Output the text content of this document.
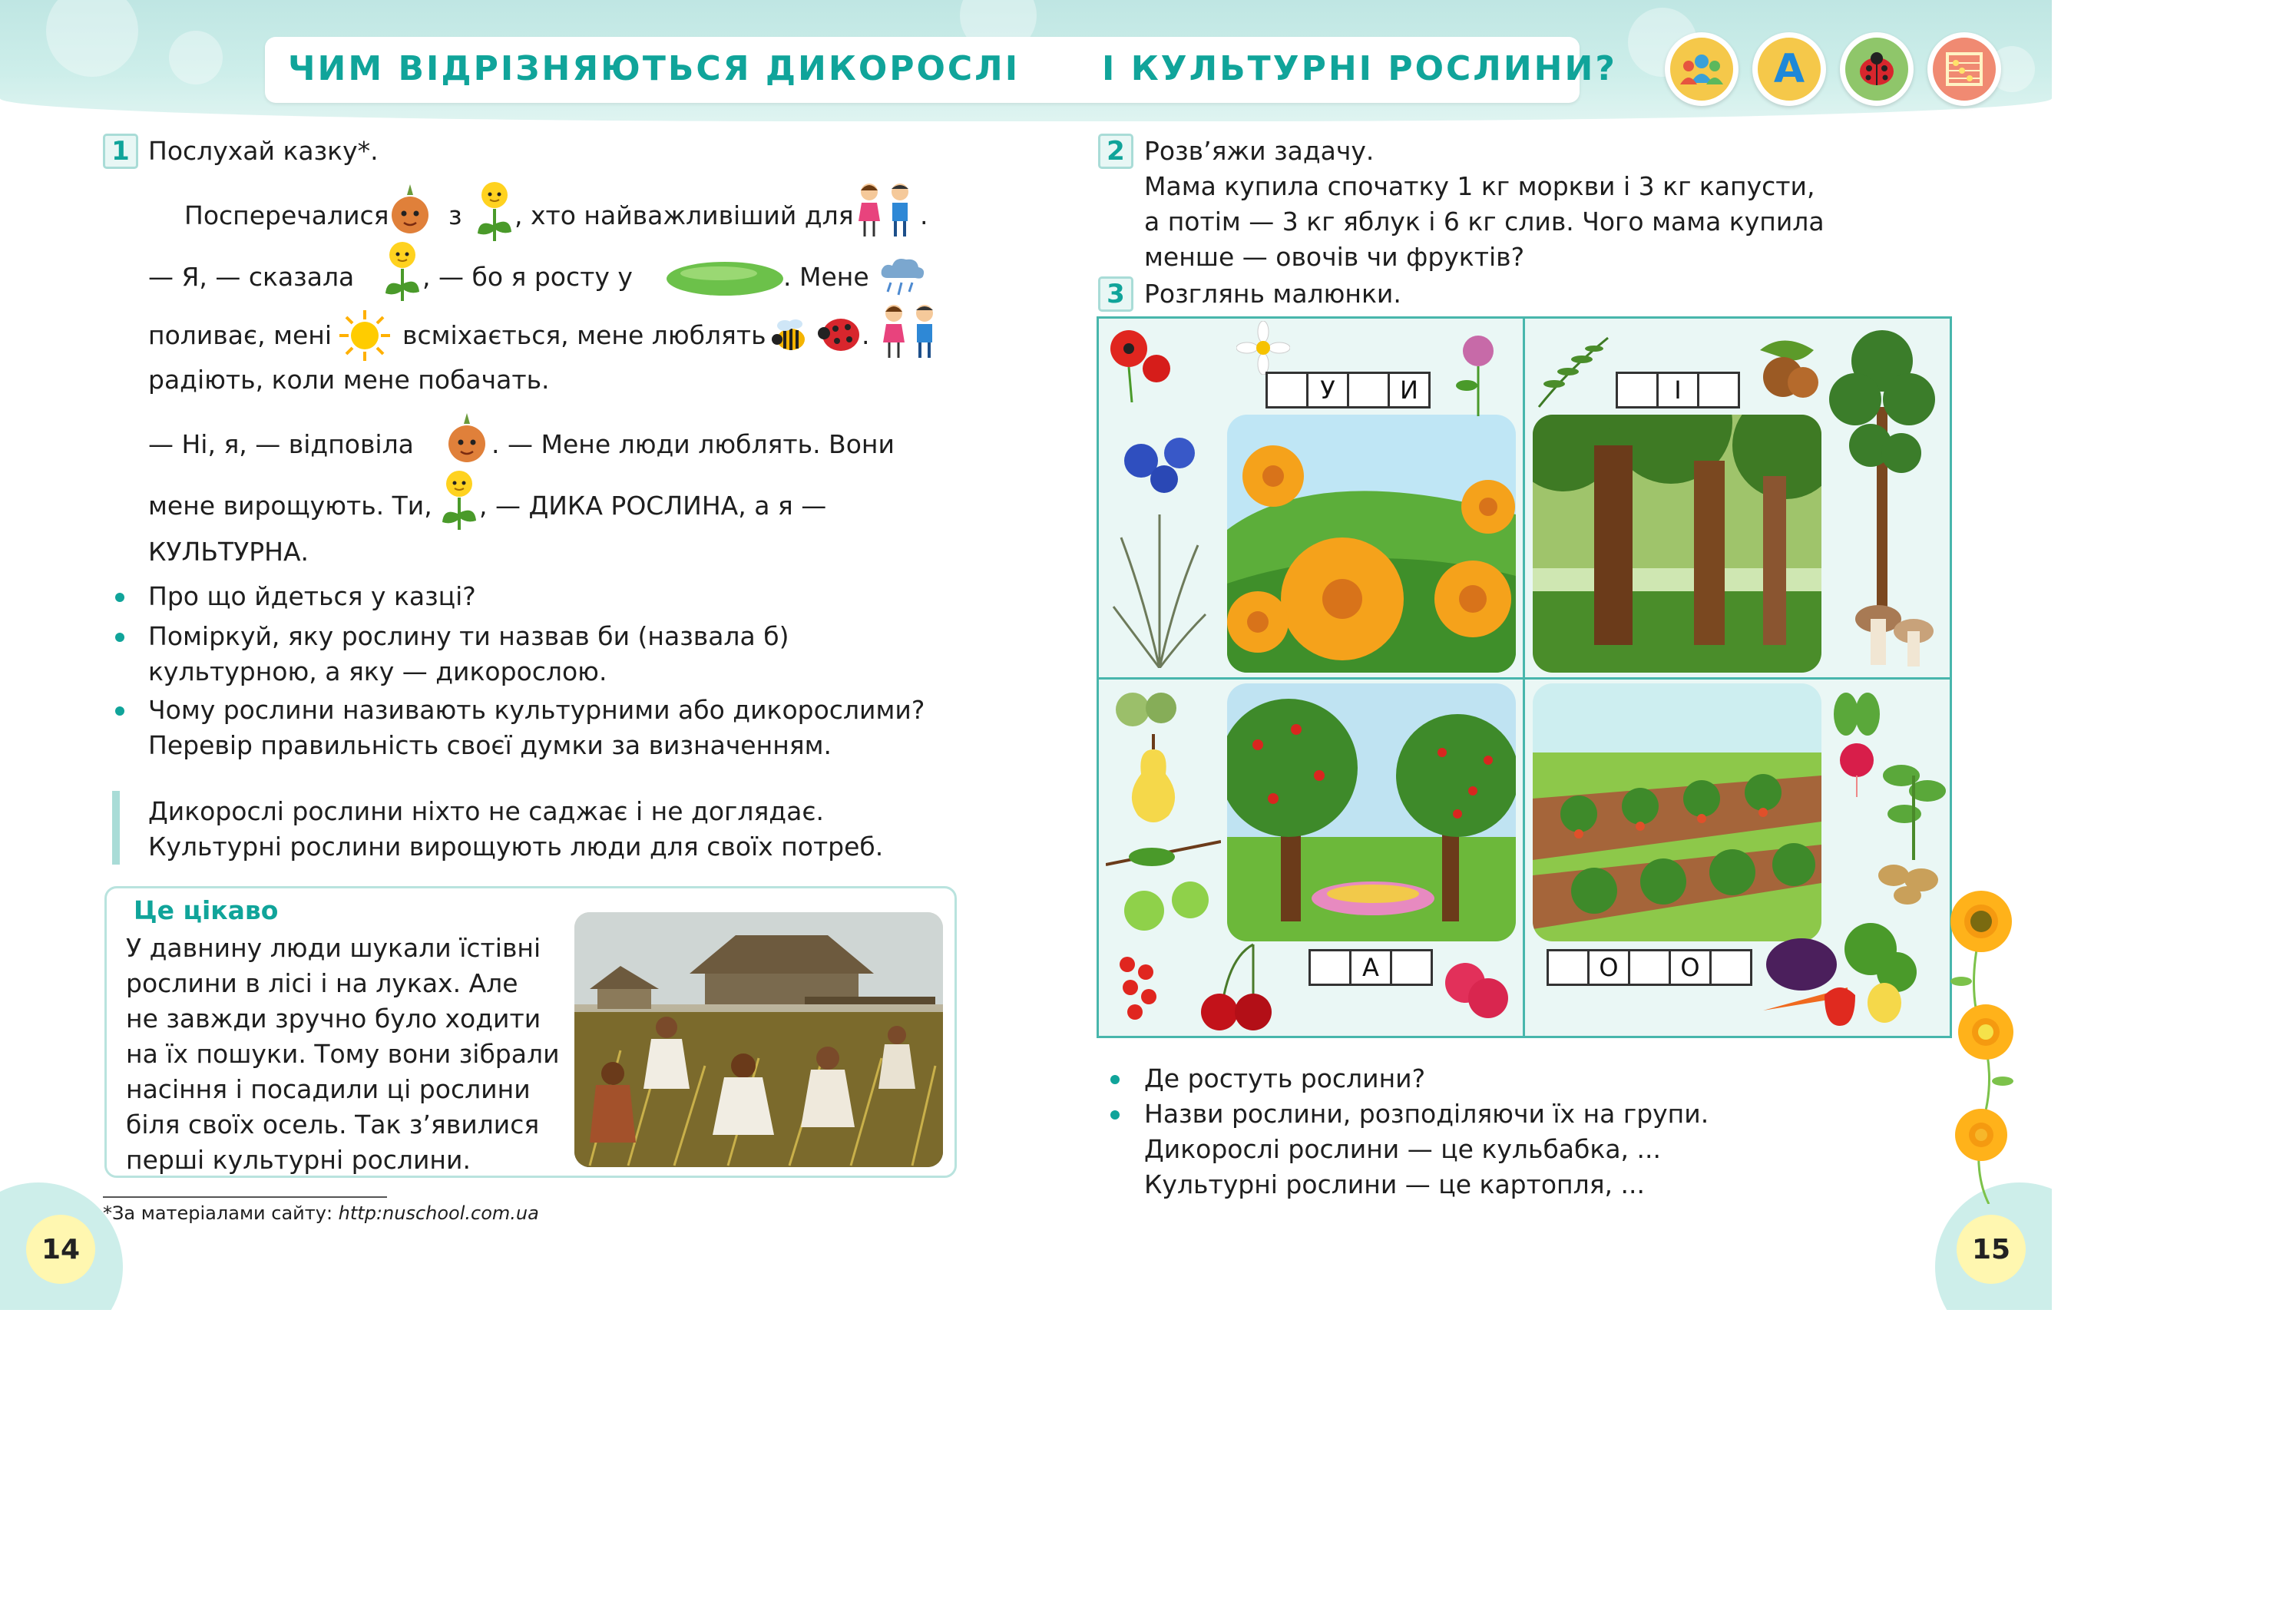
ЧИМ ВІДРІЗНЯЮТЬСЯ ДИКОРОСЛІ І КУЛЬТУРНІ РОСЛИНИ?	A
14	15
1 Послухай казку*.
Посперечалися з , хто найважливіший для	.
— Я, — сказала	, — бо я росту у	. Мене
поливає, мені	всміхається, мене люблять	.
радіють, коли мене побачать.
— Ні, я, — відповіла	. — Мене люди люблять. Вони
мене вирощують. Ти, , — ДИКА РОСЛИНА, а я —
КУЛЬТУРНА.
Про що йдеться у казці?
Поміркуй, яку рослину ти назвав би (назвала б)
культурною, а яку — дикорослою.
Чому рослини називають культурними або дикорослими?
Перевір правильність своєї думки за визначенням.
Дикорослі рослини ніхто не саджає і не доглядає.
Культурні рослини вирощують люди для своїх потреб.
Це цікаво
У давнину люди шукали їстівні
рослини в лісі і на луках. Але
не завжди зручно було ходити
на їх пошуки. Тому вони зібрали
насіння і посадили ці рослини
біля своїх осель. Так з’явилися
перші культурні рослини.
*За матеріалами сайту: http:nuschool.com.ua
2 Розв’яжи задачу.
Мама купила спочатку 1 кг моркви і 3 кг капусти,
а потім — 3 кг яблук і 6 кг слив. Чого мама купила
менше — овочів чи фруктів?
3 Розглянь малюнки.
У	И	І
А	О	О
Де ростуть рослини?
Назви рослини, розподіляючи їх на групи.
Дикорослі рослини — це кульбабка, ...
Культурні рослини — це картопля, ...
